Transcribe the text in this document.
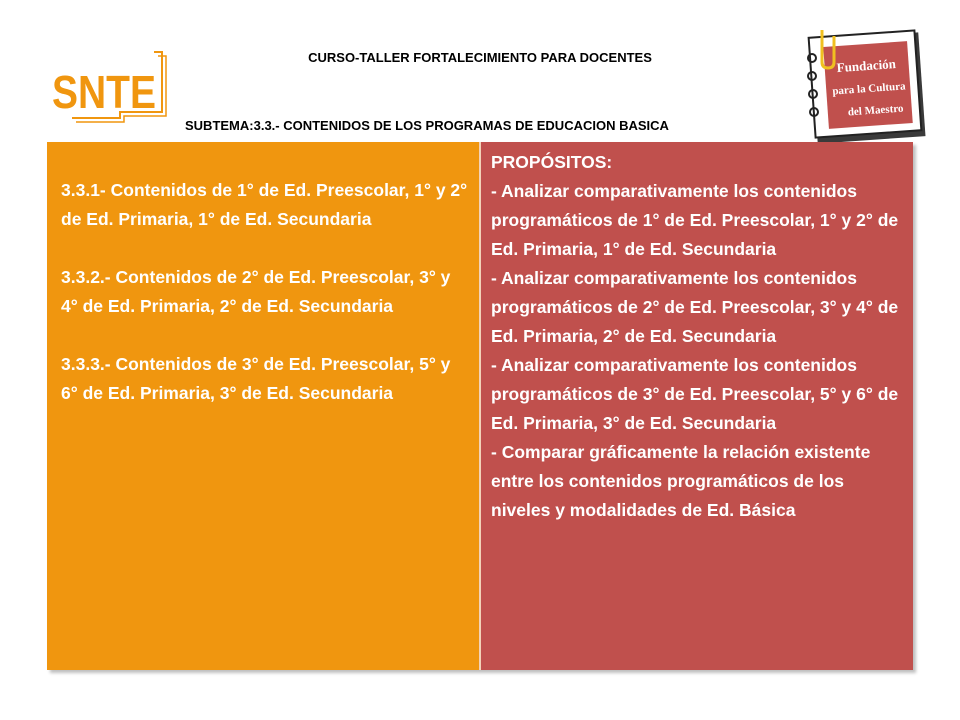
SNTE
CURSO-TALLER FORTALECIMIENTO PARA DOCENTES
SUBTEMA:3.3.- CONTENIDOS DE LOS PROGRAMAS DE EDUCACION BASICA
Fundación
para la Cultura
del Maestro

3.3.1- Contenidos de 1° de Ed. Preescolar, 1° y 2° de Ed. Primaria, 1° de Ed. Secundaria

3.3.2.- Contenidos de 2° de Ed. Preescolar, 3° y 4° de Ed. Primaria, 2° de Ed. Secundaria

3.3.3.- Contenidos de 3° de Ed. Preescolar, 5° y 6° de Ed. Primaria, 3° de Ed. Secundaria

PROPÓSITOS:

- Analizar comparativamente los contenidos programáticos de 1° de Ed. Preescolar, 1° y 2° de Ed. Primaria, 1° de Ed. Secundaria

- Analizar comparativamente los contenidos programáticos de 2° de Ed. Preescolar, 3° y 4° de Ed. Primaria, 2° de Ed. Secundaria

- Analizar comparativamente los contenidos programáticos de 3° de Ed. Preescolar, 5° y 6° de Ed. Primaria, 3° de Ed. Secundaria

- Comparar gráficamente la relación existente entre los contenidos programáticos de los niveles y modalidades de Ed. Básica
